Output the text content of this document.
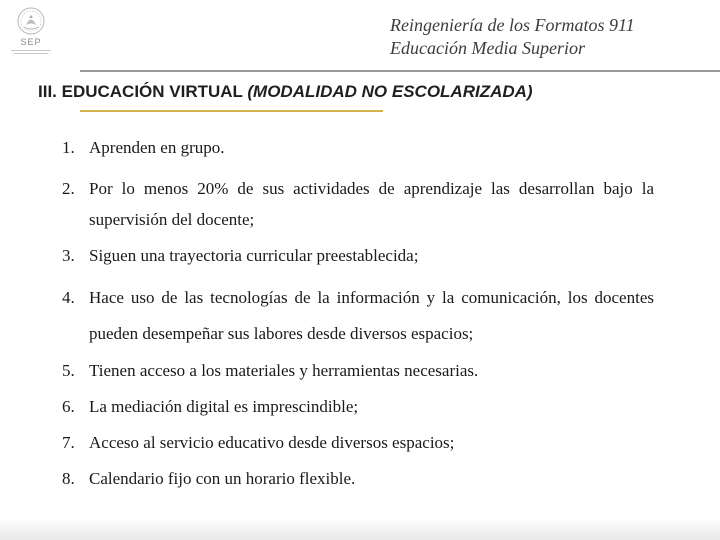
SEP
Reingeniería de los Formatos 911
Educación Media Superior
III. EDUCACIÓN VIRTUAL (MODALIDAD NO ESCOLARIZADA)
1. Aprenden en grupo.
2. Por lo menos 20% de sus actividades de aprendizaje las desarrollan bajo la supervisión del docente;
3. Siguen una trayectoria curricular preestablecida;
4. Hace uso de las tecnologías de la información y la comunicación, los docentes pueden desempeñar sus labores desde diversos espacios;
5. Tienen acceso a los materiales y herramientas necesarias.
6. La mediación digital es imprescindible;
7. Acceso al servicio educativo desde diversos espacios;
8. Calendario fijo con un horario flexible.
